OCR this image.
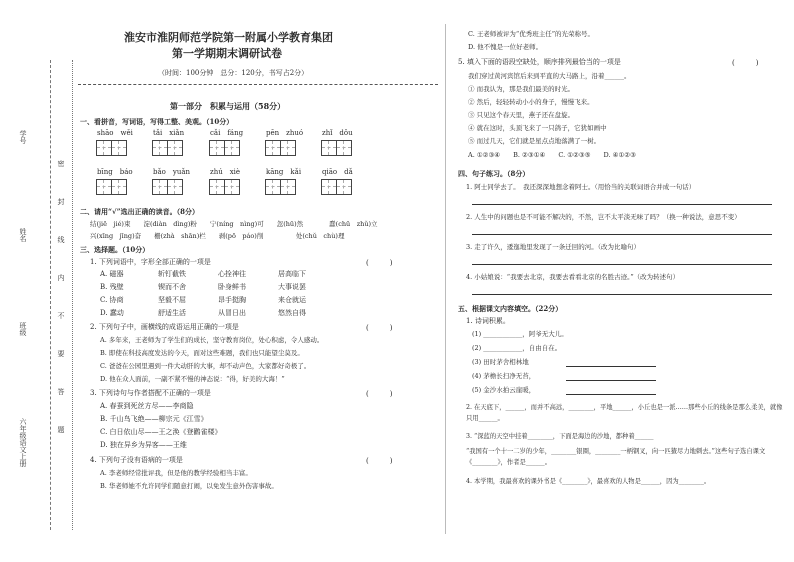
学号
姓名
班级
六年级语文上册
密
封
线
内
不
要
答
题
淮安市淮阴师范学院第一附属小学教育集团
第一学期期末调研试卷
（时间：100分钟　总分：120分，书写占2分）
第一部分　积累与运用（58分）
一、看拼音，写词语，写得工整、美观。（10分）
shāo　wěi	tǎi　xiǎn	cǎi　fáng	pēn　zhuó	zhǐ　dǒu
bīng　báo	bǎo　yuǎn	zhú　xiè	kāng　kǎi	qiāo　dǎ
二、请用“√”选出正确的读音。（8分）
结(jiē　jié)束　　淀(diàn　dìng)粉　　宁(níng　nìng)可　　忽(hū)然　　　　蠢(chū　zhǔ)立
兴(xīng　jīng)奋　　栅(zhà　shān)栏　　剥(pō　páo)削　　　　　处(chǔ　chù)理
三、选择题。（10分）
1. 下列词语中，字形全部正确的一项是	(　　　)
A. 磁器	斩钉截铁	心拴神往	居高临下
B. 残壁	锲而不舍	卧身鲜书	大事说罢
C. 协商	坚毅不屈	昂手挺胸	来仓就运
D. 蠢动	舒适生活	从冒日出	悠然自得
2. 下列句子中，画横线的成语运用正确的一项是	(　　　)
A. 多年来，王老师为了学生们的成长，坚守教育岗位，处心积虑，令人感动。
B. 即使在科技高度发达的今天，面对这些难题，我们也只能望尘莫及。
C. 爸爸在公园里遇到一件大动肝的大事，却不动声色，大家都好奇极了。
D. 他在众人面前，一副不紧不慢的神态说：“得，好美的大海！”
3. 下列诗句与作者搭配不正确的一项是	(　　　)
A. 春蚕到死丝方尽——李商隐
B. 千山鸟飞绝——柳宗元《江雪》
C. 白日依山尽——王之涣《登鹳雀楼》
D. 独在异乡为异客——王维
4. 下列句子没有语病的一项是	(　　　)
A. 李老师经常批评我，但是他的教学经验相当丰富。
B. 华老师她不允许同学们随意打闹，以免发生意外伤害事故。
C. 王老师被评为“优秀班主任”的光荣称号。
D. 他不愧是一位好老师。
5. 填入下面的语段空缺处，顺序排列最恰当的一项是	(　　　)
我们穿过黄河宾馆后来到平直的大马路上，沿着______。
① 而我认为，那是我们最美的时光。
② 然后，轻轻转动小小的身子，慢慢飞来。
③ 只见这个春天里，燕子还在盘旋。
④ 就在这时，头顶飞来了一只鸽子，它犹如画中
⑤ 而过几天，它们就是星点点地落满了一树。
A. ①②③④　　B. ②③①④　　C. ①②③⑤　　D. ④①②③
四、句子练习。（8分）
1. 阿士同学去了。　我还深深地想念着阿士。（用恰当的关联词语合并成一句话）
2. 人生中的问题也是不可能不解决的，不然，岂不太平淡无味了吗？（换一种说法，意思不变）
3. 走了许久，逶迤地里发现了一条迁回的河。（改为比喻句）
4. 小姑娘说：“我要去北京，我要去看看北京的名胜古迹。”（改为转述句）
五、根据课文内容填空。（22分）
1. 诗词积累。
(1) ____________，阿爷无大儿。
(2) ____________，自由自在。
(3) 田时茅舍相林地
(4) 茅檐长扫净无苔，
(5) 金沙水拍云崖暖，
2. 在天底下，______，而并不高远，________，平地______，小丘也是一派……那些小丘的线条是那么柔美，就像只用______。
3. “深蓝的天空中挂着________，下面是海边的沙地，都种着______
“我国有一个十一二岁的少年，________银圈，________一柄钢叉，向一匹猹尽力地刺去。”这些句子选自课文《________》，作者是______。
4. 本学期，我最喜欢的课外书是《________》，最喜欢的人物是______，因为________。
